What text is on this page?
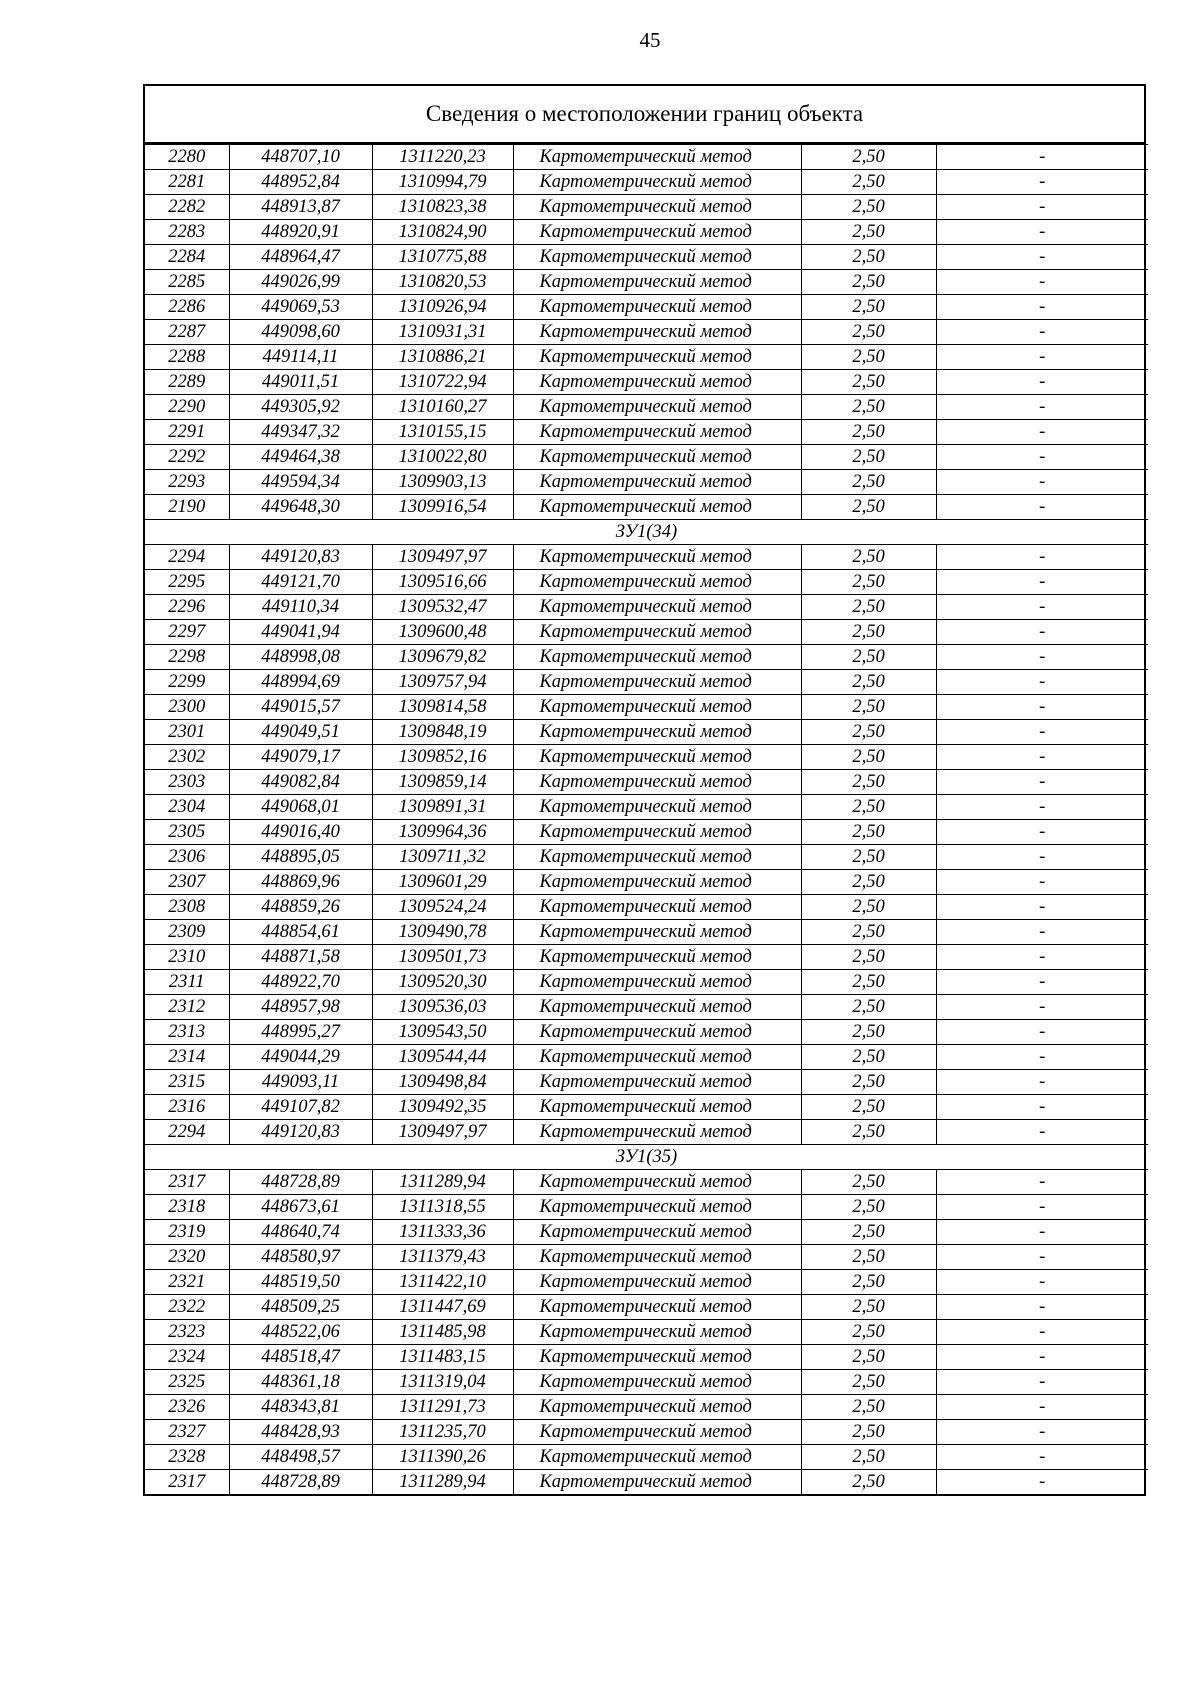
45
Сведения о местоположении границ объекта
2280	448707,10	1311220,23	Картометрический метод	2,50	-
2281	448952,84	1310994,79	Картометрический метод	2,50	-
2282	448913,87	1310823,38	Картометрический метод	2,50	-
2283	448920,91	1310824,90	Картометрический метод	2,50	-
2284	448964,47	1310775,88	Картометрический метод	2,50	-
2285	449026,99	1310820,53	Картометрический метод	2,50	-
2286	449069,53	1310926,94	Картометрический метод	2,50	-
2287	449098,60	1310931,31	Картометрический метод	2,50	-
2288	449114,11	1310886,21	Картометрический метод	2,50	-
2289	449011,51	1310722,94	Картометрический метод	2,50	-
2290	449305,92	1310160,27	Картометрический метод	2,50	-
2291	449347,32	1310155,15	Картометрический метод	2,50	-
2292	449464,38	1310022,80	Картометрический метод	2,50	-
2293	449594,34	1309903,13	Картометрический метод	2,50	-
2190	449648,30	1309916,54	Картометрический метод	2,50	-
ЗУ1(34)					
2294	449120,83	1309497,97	Картометрический метод	2,50	-
2295	449121,70	1309516,66	Картометрический метод	2,50	-
2296	449110,34	1309532,47	Картометрический метод	2,50	-
2297	449041,94	1309600,48	Картометрический метод	2,50	-
2298	448998,08	1309679,82	Картометрический метод	2,50	-
2299	448994,69	1309757,94	Картометрический метод	2,50	-
2300	449015,57	1309814,58	Картометрический метод	2,50	-
2301	449049,51	1309848,19	Картометрический метод	2,50	-
2302	449079,17	1309852,16	Картометрический метод	2,50	-
2303	449082,84	1309859,14	Картометрический метод	2,50	-
2304	449068,01	1309891,31	Картометрический метод	2,50	-
2305	449016,40	1309964,36	Картометрический метод	2,50	-
2306	448895,05	1309711,32	Картометрический метод	2,50	-
2307	448869,96	1309601,29	Картометрический метод	2,50	-
2308	448859,26	1309524,24	Картометрический метод	2,50	-
2309	448854,61	1309490,78	Картометрический метод	2,50	-
2310	448871,58	1309501,73	Картометрический метод	2,50	-
2311	448922,70	1309520,30	Картометрический метод	2,50	-
2312	448957,98	1309536,03	Картометрический метод	2,50	-
2313	448995,27	1309543,50	Картометрический метод	2,50	-
2314	449044,29	1309544,44	Картометрический метод	2,50	-
2315	449093,11	1309498,84	Картометрический метод	2,50	-
2316	449107,82	1309492,35	Картометрический метод	2,50	-
2294	449120,83	1309497,97	Картометрический метод	2,50	-
ЗУ1(35)					
2317	448728,89	1311289,94	Картометрический метод	2,50	-
2318	448673,61	1311318,55	Картометрический метод	2,50	-
2319	448640,74	1311333,36	Картометрический метод	2,50	-
2320	448580,97	1311379,43	Картометрический метод	2,50	-
2321	448519,50	1311422,10	Картометрический метод	2,50	-
2322	448509,25	1311447,69	Картометрический метод	2,50	-
2323	448522,06	1311485,98	Картометрический метод	2,50	-
2324	448518,47	1311483,15	Картометрический метод	2,50	-
2325	448361,18	1311319,04	Картометрический метод	2,50	-
2326	448343,81	1311291,73	Картометрический метод	2,50	-
2327	448428,93	1311235,70	Картометрический метод	2,50	-
2328	448498,57	1311390,26	Картометрический метод	2,50	-
2317	448728,89	1311289,94	Картометрический метод	2,50	-
